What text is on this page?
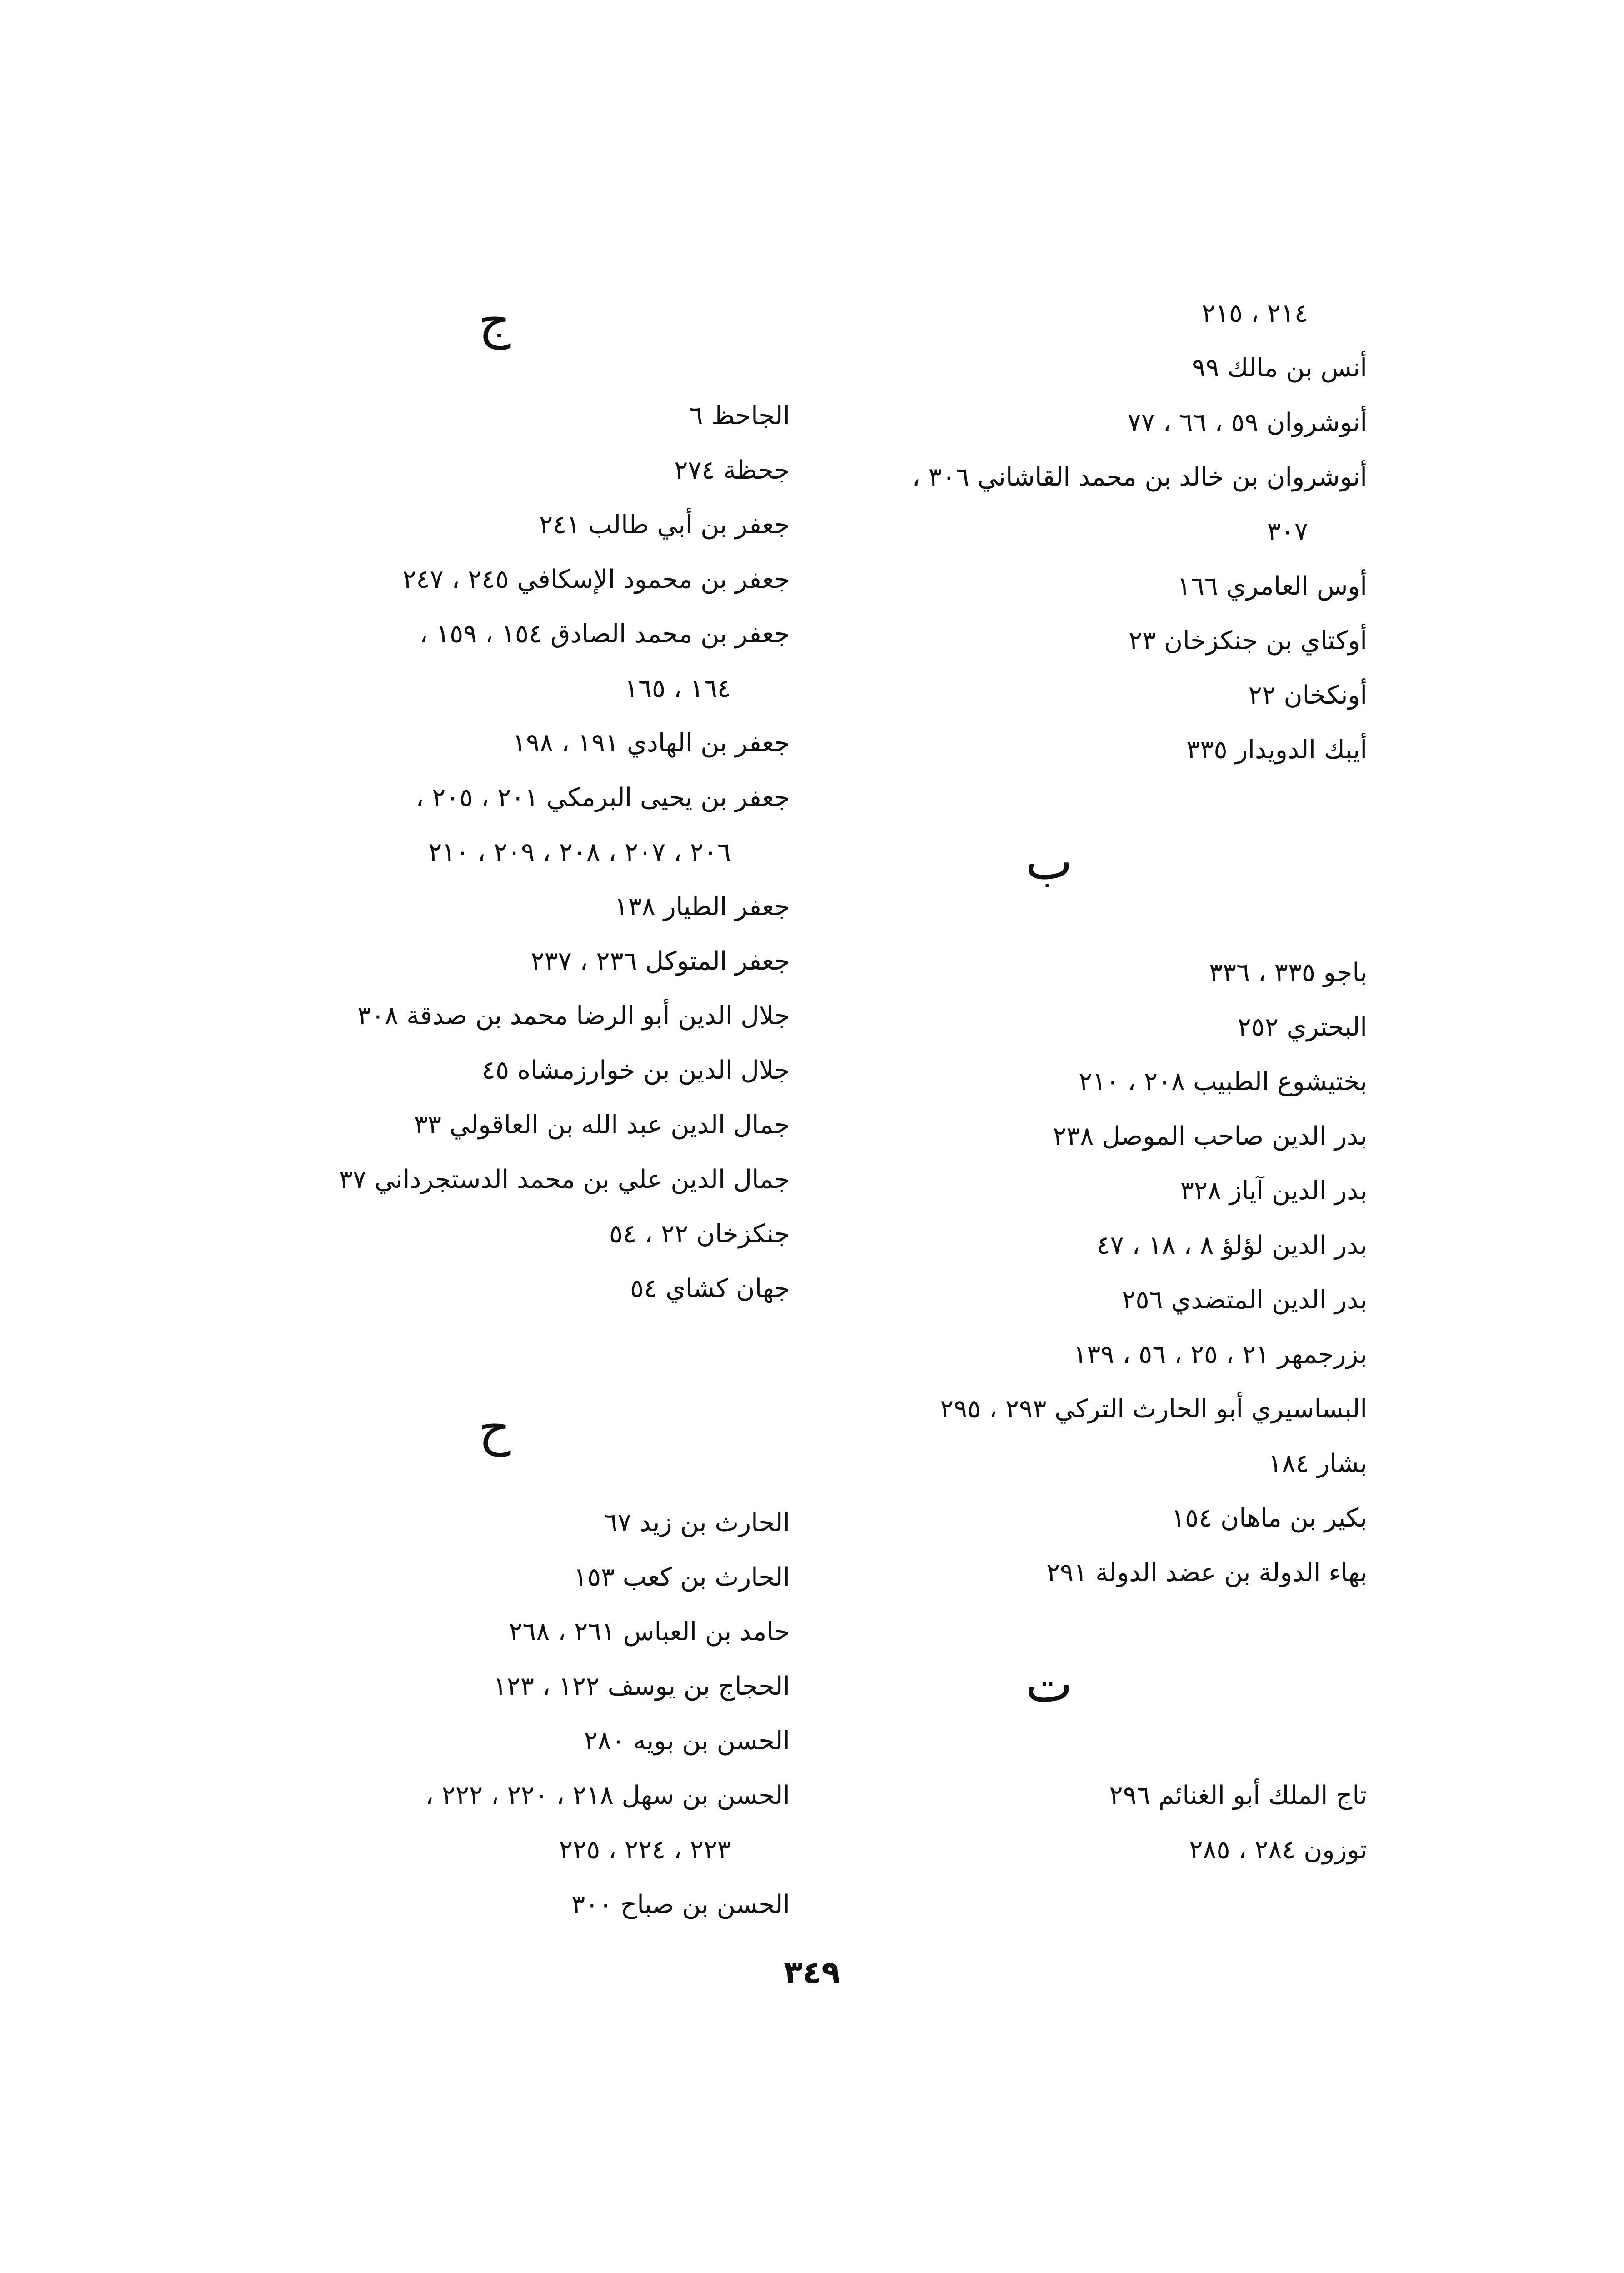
٢١٤ ، ٢١٥
أنس بن مالك ٩٩
أنوشروان ٥٩ ، ٦٦ ، ٧٧
أنوشروان بن خالد بن محمد القاشاني ٣٠٦ ،
٣٠٧
أوس العامري ١٦٦
أوكتاي بن جنكزخان ٢٣
أونكخان ٢٢
أيبك الدويدار ٣٣٥
ب
باجو ٣٣٥ ، ٣٣٦
البحتري ٢٥٢
بختيشوع الطبيب ٢٠٨ ، ٢١٠
بدر الدين صاحب الموصل ٢٣٨
بدر الدين آياز ٣٢٨
بدر الدين لؤلؤ ٨ ، ١٨ ، ٤٧
بدر الدين المتضدي ٢٥٦
بزرجمهر ٢١ ، ٢٥ ، ٥٦ ، ١٣٩
البساسيري أبو الحارث التركي ٢٩٣ ، ٢٩٥
بشار ١٨٤
بكير بن ماهان ١٥٤
بهاء الدولة بن عضد الدولة ٢٩١
ت
تاج الملك أبو الغنائم ٢٩٦
توزون ٢٨٤ ، ٢٨٥
ج
الجاحظ ٦
جحظة ٢٧٤
جعفر بن أبي طالب ٢٤١
جعفر بن محمود الإسكافي ٢٤٥ ، ٢٤٧
جعفر بن محمد الصادق ١٥٤ ، ١٥٩ ،
١٦٤ ، ١٦٥
جعفر بن الهادي ١٩١ ، ١٩٨
جعفر بن يحيى البرمكي ٢٠١ ، ٢٠٥ ،
٢٠٦ ، ٢٠٧ ، ٢٠٨ ، ٢٠٩ ، ٢١٠
جعفر الطيار ١٣٨
جعفر المتوكل ٢٣٦ ، ٢٣٧
جلال الدين أبو الرضا محمد بن صدقة ٣٠٨
جلال الدين بن خوارزمشاه ٤٥
جمال الدين عبد الله بن العاقولي ٣٣
جمال الدين علي بن محمد الدستجرداني ٣٧
جنكزخان ٢٢ ، ٥٤
جهان كشاي ٥٤
ح
الحارث بن زيد ٦٧
الحارث بن كعب ١٥٣
حامد بن العباس ٢٦١ ، ٢٦٨
الحجاج بن يوسف ١٢٢ ، ١٢٣
الحسن بن بويه ٢٨٠
الحسن بن سهل ٢١٨ ، ٢٢٠ ، ٢٢٢ ،
٢٢٣ ، ٢٢٤ ، ٢٢٥
الحسن بن صباح ٣٠٠
٣٤٩
